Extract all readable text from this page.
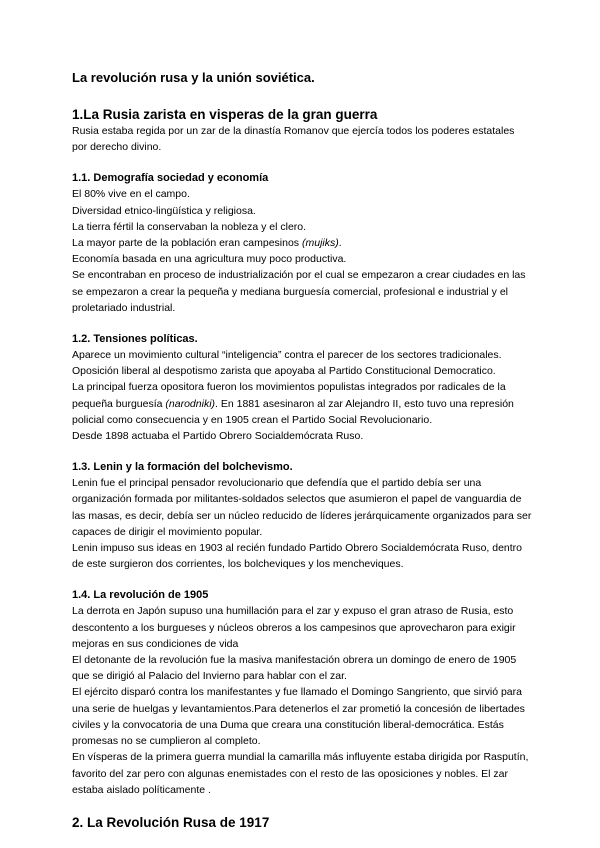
La revolución rusa y la unión soviética.
1.La Rusia zarista en visperas de la gran guerra

Rusia estaba regida por un zar de la dinastía Romanov que ejercía todos los poderes estatales por derecho divino.

1.1. Demografía sociedad y economía

El 80% vive en el campo.

Diversidad etnico-lingüística y religiosa.

La tierra fértil la conservaban la nobleza y el clero.

La mayor parte de la población eran campesinos (mujiks).

Economía basada en una agricultura muy poco productiva.

Se encontraban en proceso de industrialización por el cual se empezaron a crear ciudades en las se empezaron a crear la pequeña y mediana burguesía comercial, profesional e industrial y el proletariado industrial.

1.2. Tensiones políticas.

Aparece un movimiento cultural “inteligencia” contra el parecer de los sectores tradicionales.

Oposición liberal al despotismo zarista que apoyaba al Partido Constitucional Democratico.

La principal fuerza opositora fueron los movimientos populistas integrados por radicales de la pequeña burguesía (narodniki). En 1881 asesinaron al zar Alejandro II, esto tuvo una represión policial como consecuencia y en 1905 crean el Partido Social Revolucionario.

Desde 1898 actuaba el Partido Obrero Socialdemócrata Ruso.

1.3. Lenin y la formación del bolchevismo.

Lenin fue el principal pensador revolucionario que defendía que el partido debía ser una organización formada por militantes-soldados selectos que asumieron el papel de vanguardia de las masas, es decir, debía ser un núcleo reducido de líderes jerárquicamente organizados para ser capaces de dirigir el movimiento popular.

Lenin impuso sus ideas en 1903 al recién fundado Partido Obrero Socialdemócrata Ruso, dentro de este surgieron dos corrientes, los bolcheviques y los mencheviques.

1.4. La revolución de 1905

La derrota en Japón supuso una humillación para el zar y expuso el gran atraso de Rusia, esto descontento a los burgueses y núcleos obreros a los campesinos que aprovecharon para exigir mejoras en sus condiciones de vida

El detonante de la revolución fue la masiva manifestación obrera un domingo de enero de 1905 que se dirigió al Palacio del Invierno para hablar con el zar.

El ejército disparó contra los manifestantes y fue llamado el Domingo Sangriento, que sirvió para una serie de huelgas y levantamientos.Para detenerlos el zar prometió la concesión de libertades civiles y la convocatoria de una Duma que creara una constitución liberal-democrática. Estás promesas no se cumplieron al completo.

En vísperas de la primera guerra mundial la camarilla más influyente estaba dirigida por Rasputín, favorito del zar pero con algunas enemistades con el resto de las oposiciones y nobles. El zar estaba aislado políticamente .

2. La Revolución Rusa de 1917
